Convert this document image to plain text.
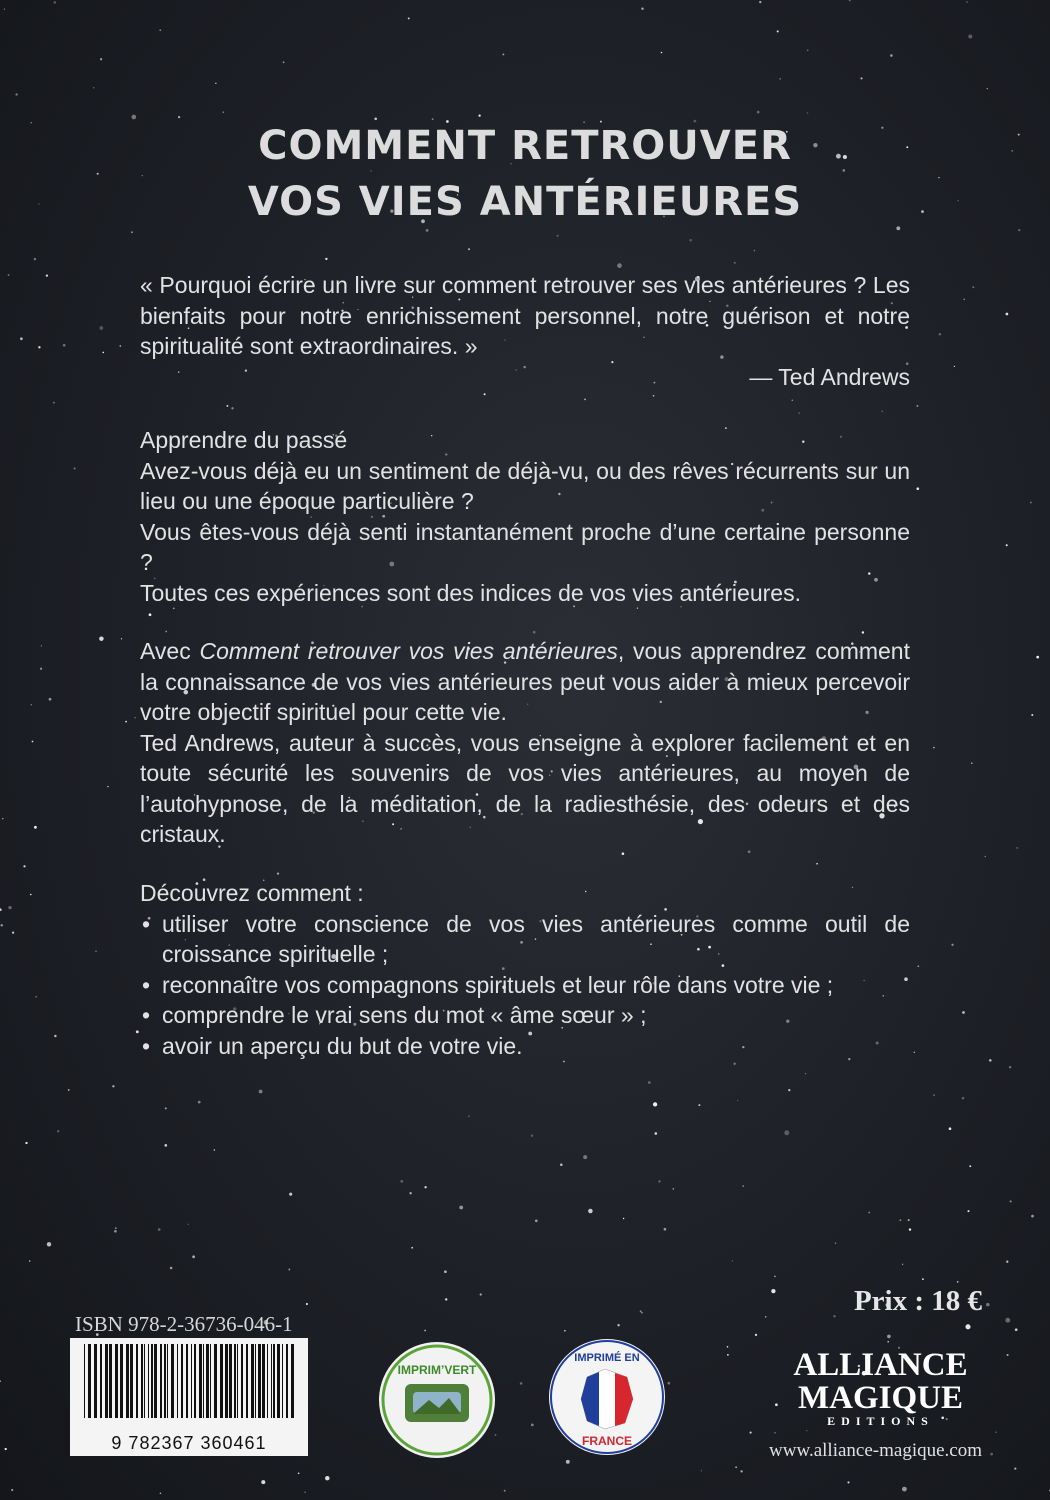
COMMENT RETROUVER
VOS VIES ANTÉRIEURES
« Pourquoi écrire un livre sur comment retrouver ses vies antérieures ? Les bienfaits pour notre enrichissement personnel, notre guérison et notre spiritualité sont extraordinaires. »
— Ted Andrews
Apprendre du passé
Avez-vous déjà eu un sentiment de déjà-vu, ou des rêves récurrents sur un lieu ou une époque particulière ?
Vous êtes-vous déjà senti instantanément proche d’une certaine personne ?
Toutes ces expériences sont des indices de vos vies antérieures.
Avec Comment retrouver vos vies antérieures, vous apprendrez comment la connaissance de vos vies antérieures peut vous aider à mieux percevoir votre objectif spirituel pour cette vie.
Ted Andrews, auteur à succès, vous enseigne à explorer facilement et en toute sécurité les souvenirs de vos vies antérieures, au moyen de l’autohypnose, de la méditation, de la radiesthésie, des odeurs et des cristaux.
Découvrez comment :
• utiliser votre conscience de vos vies antérieures comme outil de croissance spirituelle ;
• reconnaître vos compagnons spirituels et leur rôle dans votre vie ;
• comprendre le vrai sens du mot « âme sœur » ;
• avoir un aperçu du but de votre vie.
Prix : 18 €
ISBN 978-2-36736-046-1
9 782367 360461
IMPRIM’VERT
IMPRIMÉ EN
FRANCE
ALLIANCE
MAGIQUE
EDITIONS
www.alliance-magique.com
